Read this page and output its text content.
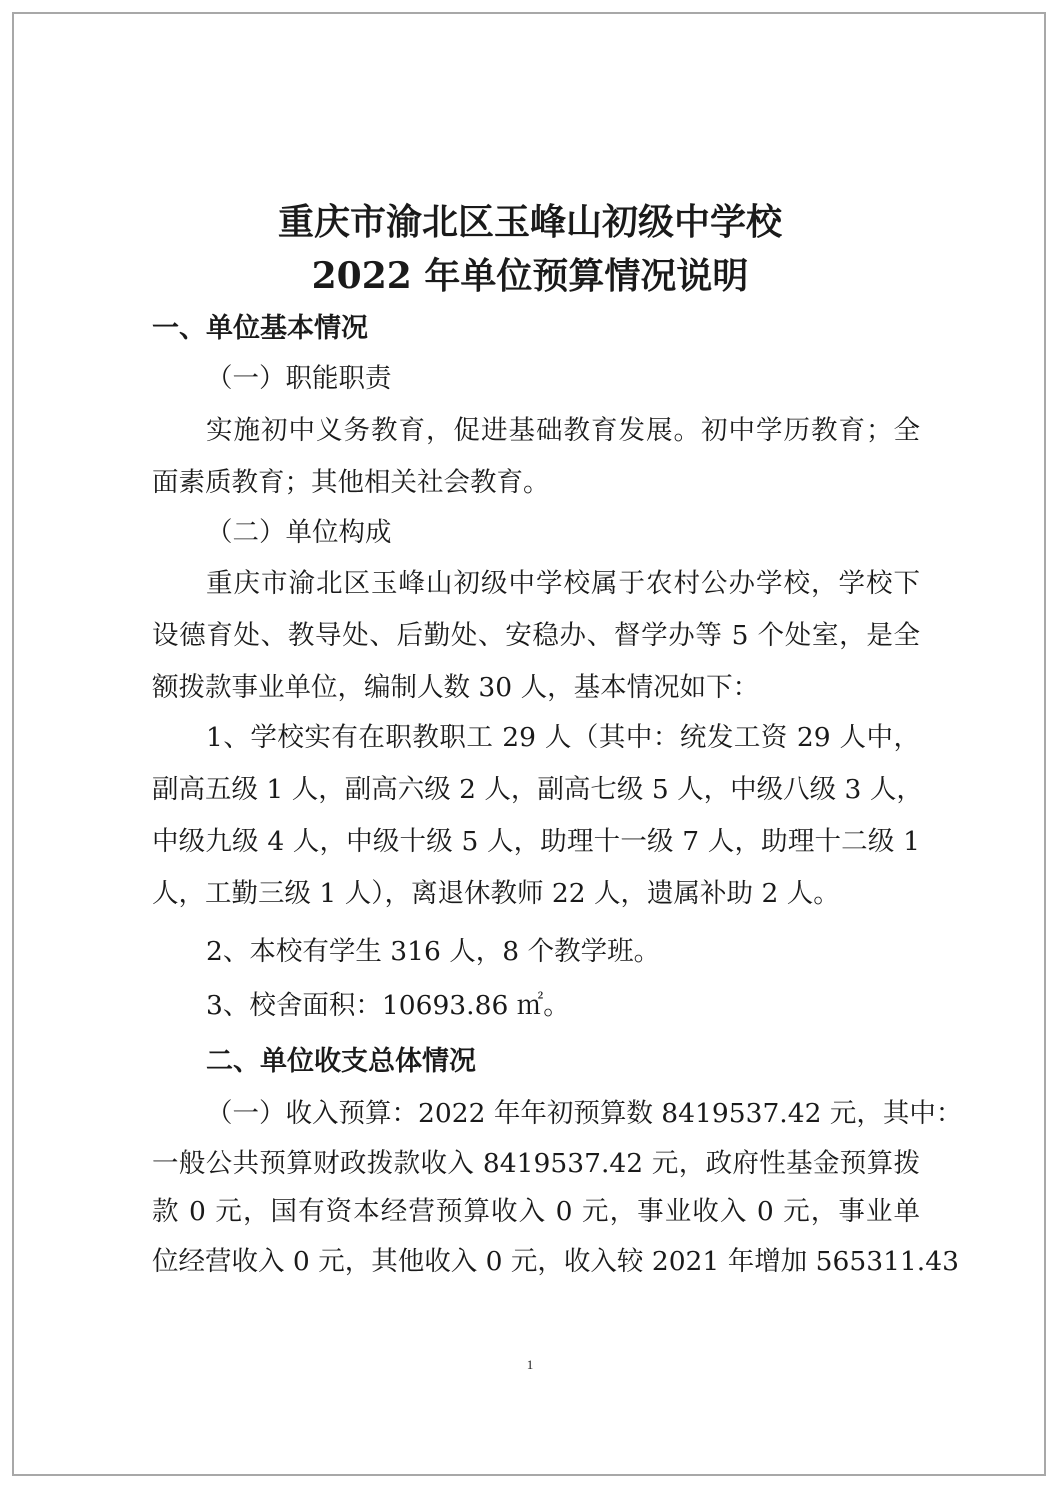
重庆市渝北区玉峰山初级中学校
2022 年单位预算情况说明
一、单位基本情况
（一）职能职责
实施初中义务教育，促进基础教育发展。初中学历教育；全
面素质教育；其他相关社会教育。
（二）单位构成
重庆市渝北区玉峰山初级中学校属于农村公办学校，学校下
设德育处、教导处、后勤处、安稳办、督学办等 5 个处室，是全
额拨款事业单位，编制人数 30 人，基本情况如下：
1、学校实有在职教职工 29 人（其中：统发工资 29 人中，
副高五级 1 人，副高六级 2 人，副高七级 5 人，中级八级 3 人，
中级九级 4 人，中级十级 5 人，助理十一级 7 人，助理十二级 1
人，工勤三级 1 人），离退休教师 22 人，遗属补助 2 人。
2、本校有学生 316 人，8 个教学班。
3、校舍面积：10693.86 ㎡。
二、单位收支总体情况
（一）收入预算：2022 年年初预算数 8419537.42 元，其中：
一般公共预算财政拨款收入 8419537.42 元，政府性基金预算拨
款 0 元，国有资本经营预算收入 0 元，事业收入 0 元，事业单
位经营收入 0 元，其他收入 0 元，收入较 2021 年增加 565311.43
1
